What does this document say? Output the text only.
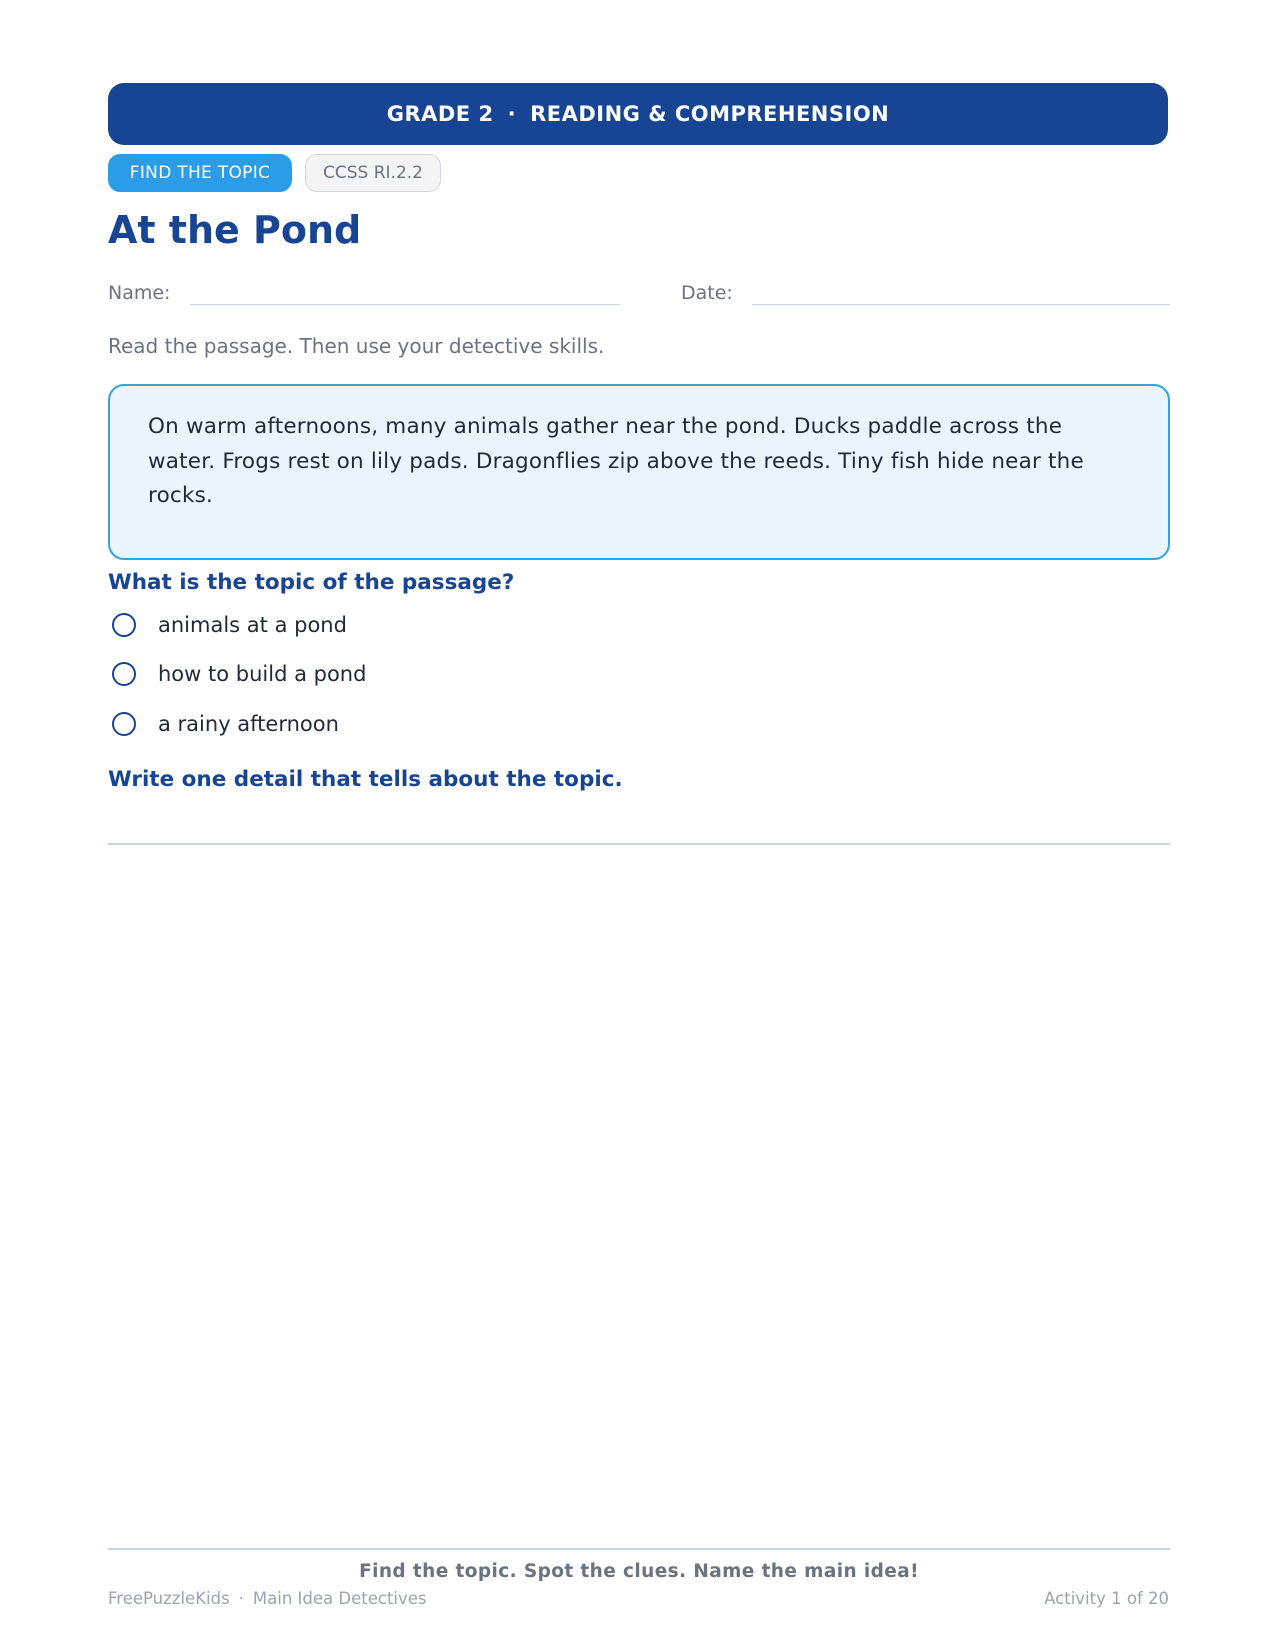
GRADE 2 · READING & COMPREHENSION
FIND THE TOPIC	CCSS RI.2.2
At the Pond
Name:	Date:
Read the passage. Then use your detective skills.
On warm afternoons, many animals gather near the pond. Ducks paddle across the water. Frogs rest on lily pads. Dragonflies zip above the reeds. Tiny fish hide near the rocks.
What is the topic of the passage?
animals at a pond
how to build a pond
a rainy afternoon
Write one detail that tells about the topic.
Find the topic. Spot the clues. Name the main idea!
FreePuzzleKids · Main Idea Detectives	Activity 1 of 20
